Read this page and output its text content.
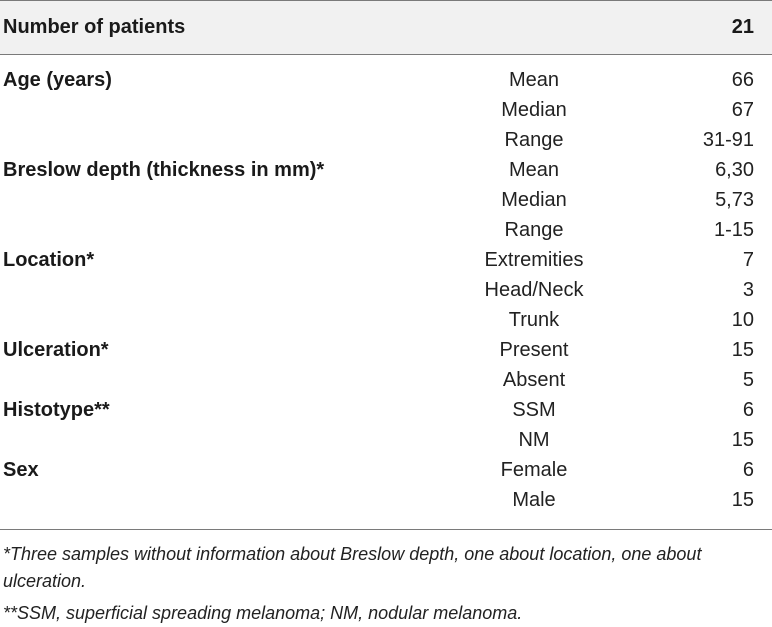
Number of patients	21
Age (years)	Mean	66
Median	67
Range	31-91
Breslow depth (thickness in mm)*	Mean	6,30
Median	5,73
Range	1-15
Location*	Extremities	7
Head/Neck	3
Trunk	10
Ulceration*	Present	15
Absent	5
Histotype**	SSM	6
NM	15
Sex	Female	6
Male	15

*Three samples without information about Breslow depth, one about location, one about ulceration.

**SSM, superficial spreading melanoma; NM, nodular melanoma.
